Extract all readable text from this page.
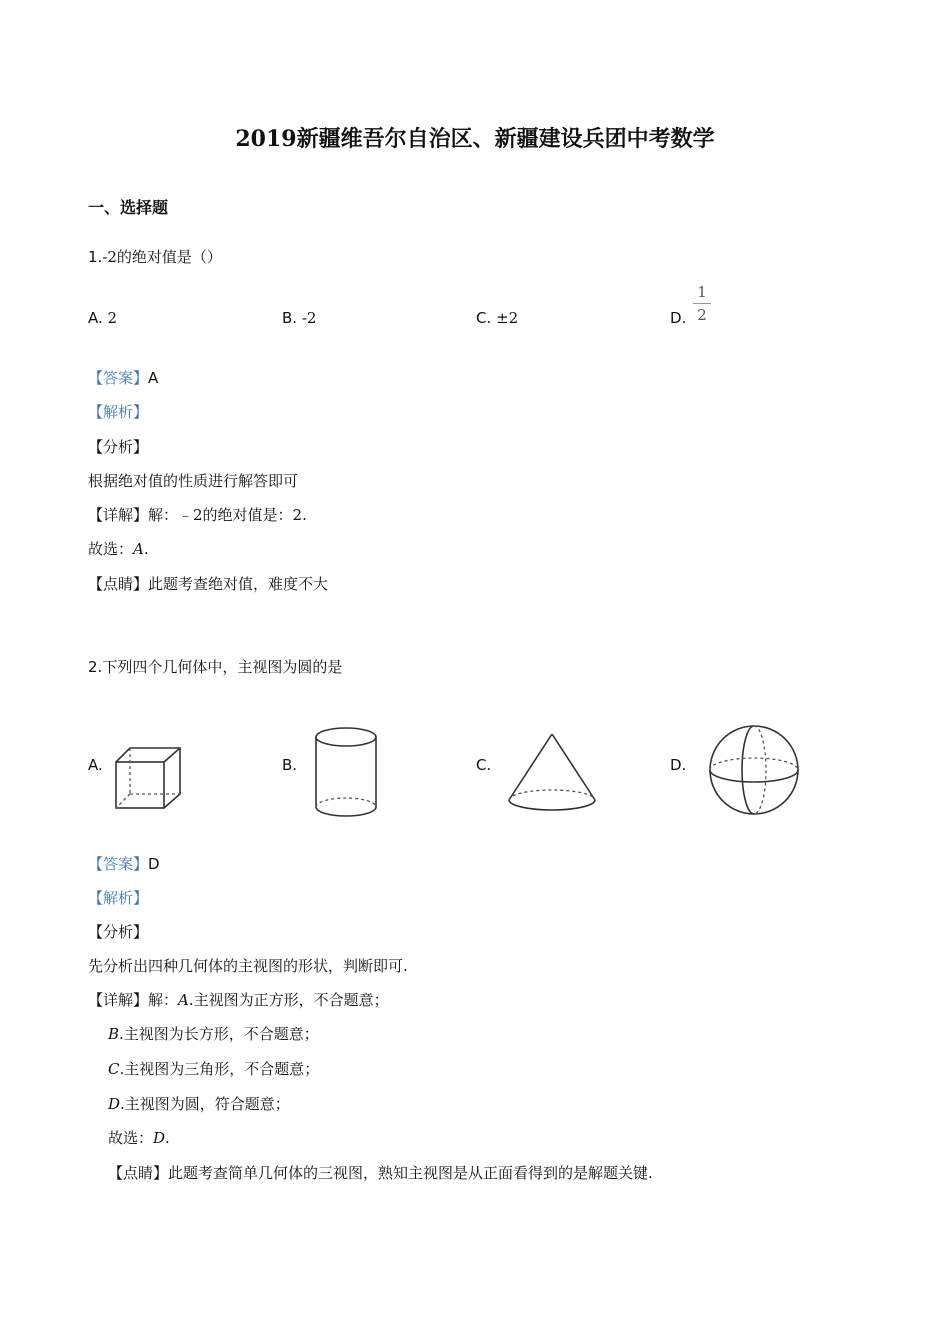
2019新疆维吾尔自治区、新疆建设兵团中考数学
一、选择题
1.-2的绝对值是（）
A. 2	B. -2	C. ±2	D.
1
2
【答案】A
【解析】
【分析】
根据绝对值的性质进行解答即可
【详解】解：﹣2的绝对值是：2.
故选：A.
【点睛】此题考查绝对值，难度不大
2.下列四个几何体中，主视图为圆的是
A.	B.	C.	D.
【答案】D
【解析】
【分析】
先分析出四种几何体的主视图的形状，判断即可.
【详解】解：A.主视图为正方形，不合题意；
B.主视图为长方形，不合题意；
C.主视图为三角形，不合题意；
D.主视图为圆，符合题意；
故选：D.
【点睛】此题考查简单几何体的三视图，熟知主视图是从正面看得到的是解题关键.
